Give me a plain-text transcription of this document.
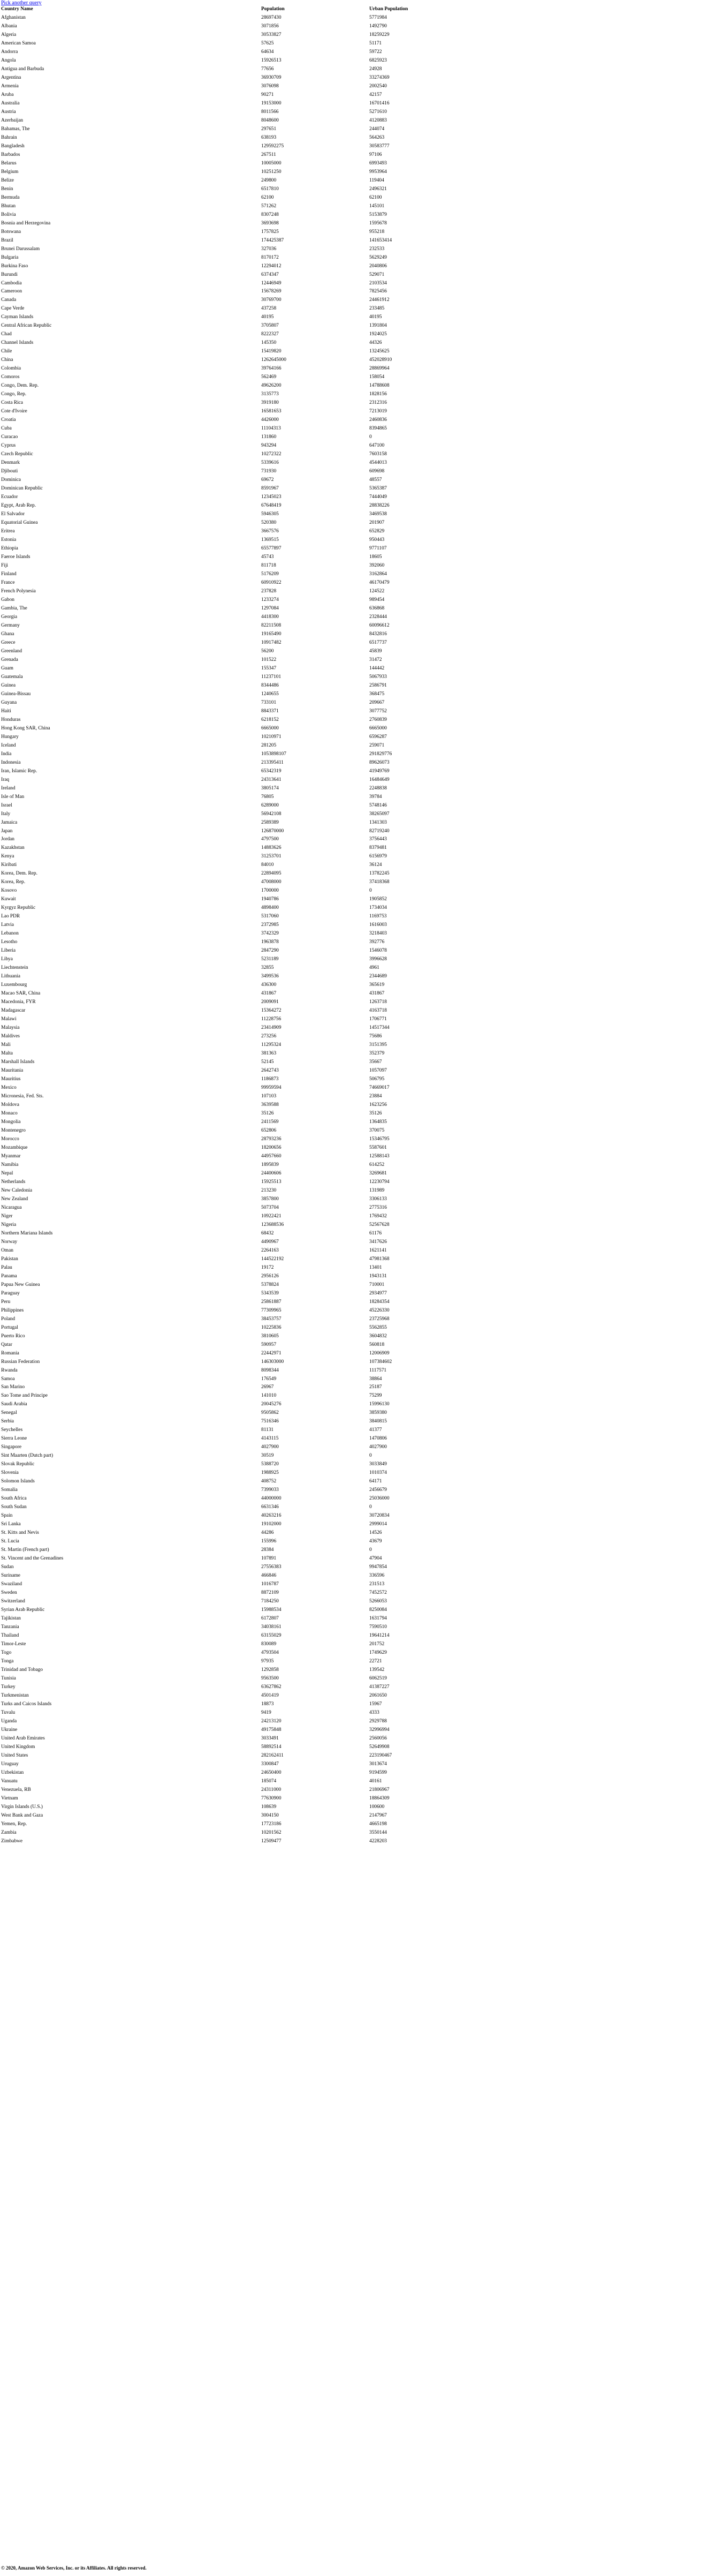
Pick another query
Country Name	Population	Urban Population
Afghanistan	28697430	5771984
Albania	3071856	1492790
Algeria	30533827	18259229
American Samoa	57625	51171
Andorra	64634	59722
Angola	15926513	6825923
Antigua and Barbuda	77656	24928
Argentina	36930709	33274369
Armenia	3076098	2002540
Aruba	90271	42157
Australia	19153000	16701416
Austria	8011566	5271610
Azerbaijan	8048600	4120883
Bahamas, The	297651	244074
Bahrain	638193	564263
Bangladesh	129592275	30583777
Barbados	267511	97106
Belarus	10005000	6993493
Belgium	10251250	9953964
Belize	249800	119404
Benin	6517810	2496321
Bermuda	62100	62100
Bhutan	571262	145101
Bolivia	8307248	5153879
Bosnia and Herzegovina	3693698	1595678
Botswana	1757825	955218
Brazil	174425387	141653414
Brunei Darussalam	327036	232533
Bulgaria	8170172	5629249
Burkina Faso	12294012	2040806
Burundi	6374347	529071
Cambodia	12446949	2103534
Cameroon	15678269	7825456
Canada	30769700	24461912
Cape Verde	437258	233485
Cayman Islands	40195	40195
Central African Republic	3705807	1391804
Chad	8222327	1924025
Channel Islands	145350	44326
Chile	15419820	13245625
China	1262645000	452028910
Colombia	39764166	28869964
Comoros	562469	158054
Congo, Dem. Rep.	49626200	14788608
Congo, Rep.	3135773	1828156
Costa Rica	3919180	2312316
Cote d'Ivoire	16581653	7213019
Croatia	4426000	2460836
Cuba	11104313	8394865
Curacao	131860	0
Cyprus	943294	647100
Czech Republic	10272322	7603158
Denmark	5339616	4544013
Djibouti	731930	609698
Dominica	69672	48557
Dominican Republic	8591967	5365387
Ecuador	12345023	7444049
Egypt, Arab Rep.	67648419	28838226
El Salvador	5946305	3469538
Equatorial Guinea	520380	201907
Eritrea	3667576	652829
Estonia	1369515	950443
Ethiopia	65577897	9771107
Faeroe Islands	45743	18605
Fiji	811718	392060
Finland	5176209	3162864
France	60910922	46170479
French Polynesia	237828	124522
Gabon	1233274	989454
Gambia, The	1297084	636868
Georgia	4418300	2328444
Germany	82211508	60096612
Ghana	19165490	8432816
Greece	10917482	6517737
Greenland	56200	45839
Grenada	101522	31472
Guam	155347	144442
Guatemala	11237101	5067933
Guinea	8344486	2586791
Guinea-Bissau	1240655	368475
Guyana	733101	209667
Haiti	8843371	3077752
Honduras	6218152	2760839
Hong Kong SAR, China	6665000	6665000
Hungary	10210971	6596287
Iceland	281205	259071
India	1053898107	291829776
Indonesia	213395411	89626073
Iran, Islamic Rep.	65342319	41949769
Iraq	24313641	16484649
Ireland	3805174	2248838
Isle of Man	76805	39784
Israel	6289000	5748146
Italy	56942108	38265097
Jamaica	2589389	1341303
Japan	126870000	82719240
Jordan	4797500	3756443
Kazakhstan	14883626	8379481
Kenya	31253701	6156979
Kiribati	84010	36124
Korea, Dem. Rep.	22894095	13782245
Korea, Rep.	47008000	37418368
Kosovo	1700000	0
Kuwait	1940786	1905852
Kyrgyz Republic	4898400	1734034
Lao PDR	5317060	1169753
Latvia	2372985	1616003
Lebanon	3742329	3218403
Lesotho	1963878	392776
Liberia	2847290	1546078
Libya	5231189	3996628
Liechtenstein	32855	4961
Lithuania	3499536	2344689
Luxembourg	436300	365619
Macao SAR, China	431867	431867
Macedonia, FYR	2009091	1263718
Madagascar	15364272	4163718
Malawi	11228756	1706771
Malaysia	23414909	14517344
Maldives	273256	75686
Mali	11295324	3151395
Malta	381363	352379
Marshall Islands	52145	35667
Mauritania	2642743	1057097
Mauritius	1186873	506795
Mexico	99959594	74669017
Micronesia, Fed. Sts.	107103	23884
Moldova	3639588	1623256
Monaco	35126	35126
Mongolia	2411569	1364835
Montenegro	652806	370075
Morocco	28793236	15346795
Mozambique	18200656	5587601
Myanmar	44957660	12588143
Namibia	1895839	614252
Nepal	24400606	3269681
Netherlands	15925513	12230794
New Caledonia	213230	131989
New Zealand	3857800	3306133
Nicaragua	5073704	2775316
Niger	10922421	1769432
Nigeria	123688536	52567628
Northern Mariana Islands	68432	61176
Norway	4490967	3417626
Oman	2264163	1621141
Pakistan	144522192	47981368
Palau	19172	13401
Panama	2956126	1943131
Papua New Guinea	5378824	710001
Paraguay	5343539	2934977
Peru	25861887	18284354
Philippines	77309965	45226330
Poland	38453757	23725968
Portugal	10225836	5562855
Puerto Rico	3810605	3604832
Qatar	590957	560818
Romania	22442971	12006909
Russian Federation	146303000	107384602
Rwanda	8098344	1117571
Samoa	176549	38864
San Marino	26967	25187
Sao Tome and Principe	141010	75299
Saudi Arabia	20045276	15996130
Senegal	9505862	3859380
Serbia	7516346	3840815
Seychelles	81131	41377
Sierra Leone	4143115	1470806
Singapore	4027900	4027900
Sint Maarten (Dutch part)	30519	0
Slovak Republic	5388720	3033849
Slovenia	1988925	1010374
Solomon Islands	408752	64171
Somalia	7399033	2456679
South Africa	44000000	25036000
South Sudan	6631346	0
Spain	40263216	30720834
Sri Lanka	19102000	2999014
St. Kitts and Nevis	44286	14526
St. Lucia	155996	43679
St. Martin (French part)	28384	0
St. Vincent and the Grenadines	107891	47904
Sudan	27556383	9947854
Suriname	466846	336596
Swaziland	1016787	231513
Sweden	8872109	7452572
Switzerland	7184250	5266053
Syrian Arab Republic	15988534	8250084
Tajikistan	6172807	1631794
Tanzania	34038161	7590510
Thailand	63155029	19641214
Timor-Leste	830089	201752
Togo	4793504	1749629
Tonga	97935	22721
Trinidad and Tobago	1292858	139542
Tunisia	9563500	6062519
Turkey	63627862	41387227
Turkmenistan	4501419	2061650
Turks and Caicos Islands	18873	15967
Tuvalu	9419	4333
Uganda	24213120	2929788
Ukraine	49175848	32996994
United Arab Emirates	3033491	2560056
United Kingdom	58892514	52649908
United States	282162411	223190467
Uruguay	3300847	3013674
Uzbekistan	24650400	9194599
Vanuatu	185074	40161
Venezuela, RB	24311000	21806967
Vietnam	77630900	18864309
Virgin Islands (U.S.)	108639	100600
West Bank and Gaza	3004150	2147967
Yemen, Rep.	17723186	4665198
Zambia	10201562	3550144
Zimbabwe	12509477	4228203
© 2020, Amazon Web Services, Inc. or its Affiliates. All rights reserved.
